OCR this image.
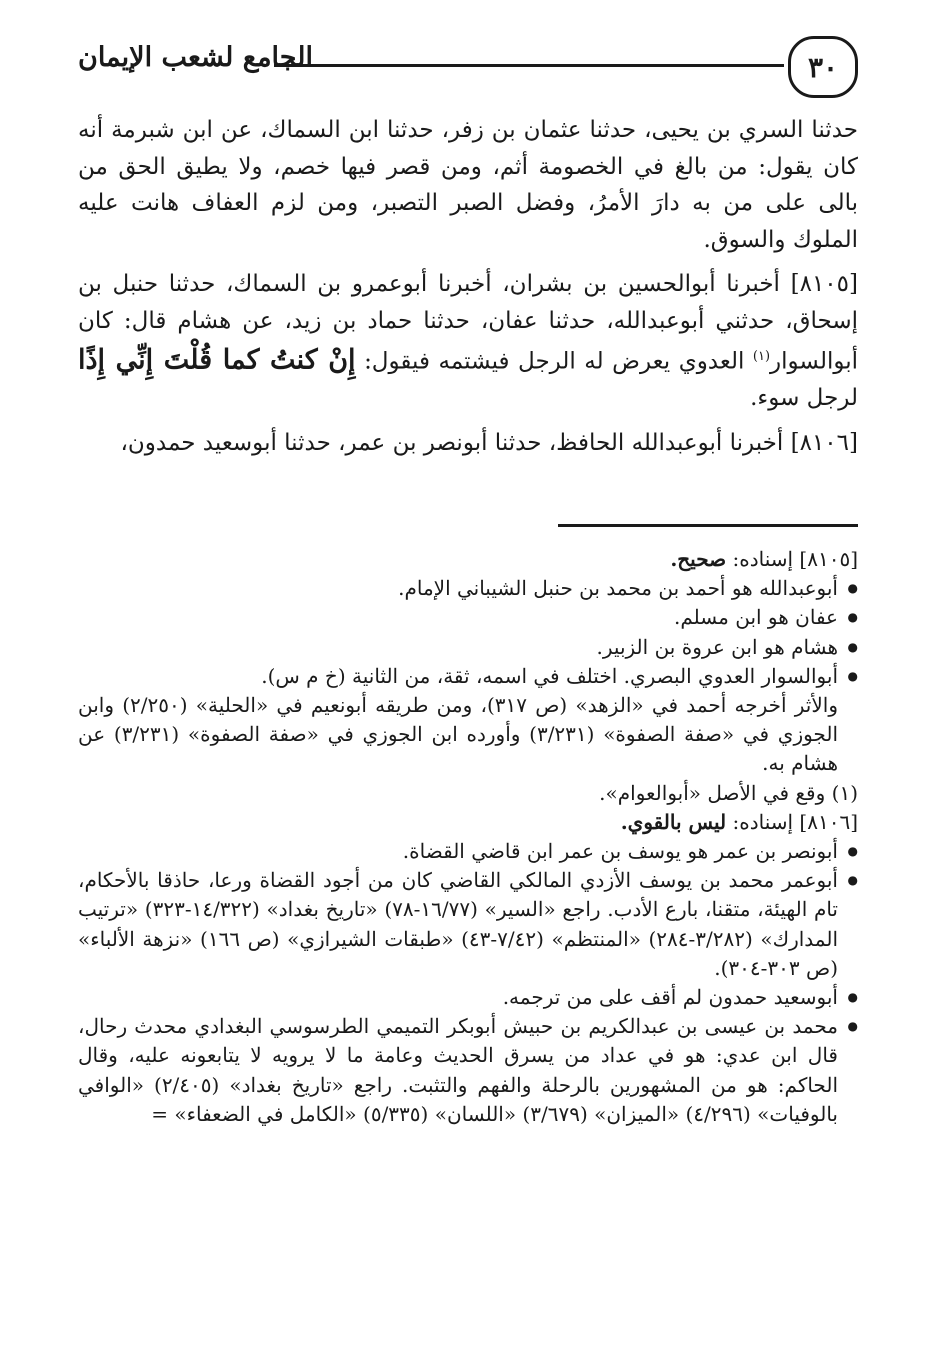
٣٠
الجامع لشعب الإيمان

حدثنا السري بن يحيى، حدثنا عثمان بن زفر، حدثنا ابن السماك، عن ابن شبرمة أنه كان يقول: من بالغ في الخصومة أثم، ومن قصر فيها خصم، ولا يطيق الحق من بالى على من به دارَ الأمرُ، وفضل الصبر التصبر، ومن لزم العفاف هانت عليه الملوك والسوق.

[٨١٠٥] أخبرنا أبوالحسين بن بشران، أخبرنا أبوعمرو بن السماك، حدثنا حنبل بن إسحاق، حدثني أبوعبدالله، حدثنا عفان، حدثنا حماد بن زيد، عن هشام قال: كان أبوالسوار$^{(١)}$ العدوي يعرض له الرجل فيشتمه فيقول: إِنْ كنتُ كما قُلْتَ إِنِّي إِذًا لرجل سوء.

[٨١٠٦] أخبرنا أبوعبدالله الحافظ، حدثنا أبونصر بن عمر، حدثنا أبوسعيد حمدون،

[٨١٠٥] إسناده: صحيح.

● أبوعبدالله هو أحمد بن محمد بن حنبل الشيباني الإمام.
● عفان هو ابن مسلم.
● هشام هو ابن عروة بن الزبير.
● أبوالسوار العدوي البصري. اختلف في اسمه، ثقة، من الثانية (خ م س).

والأثر أخرجه أحمد في «الزهد» (ص ٣١٧)، ومن طريقه أبونعيم في «الحلية» (٢/٢٥٠) وابن الجوزي في «صفة الصفوة» (٣/٢٣١) وأورده ابن الجوزي في «صفة الصفوة» (٣/٢٣١) عن هشام به.

(١) وقع في الأصل «أبوالعوام».

[٨١٠٦] إسناده: ليس بالقوي.

● أبونصر بن عمر هو يوسف بن عمر ابن قاضي القضاة.
● أبوعمر محمد بن يوسف الأزدي المالكي القاضي كان من أجود القضاة ورعا، حاذقا بالأحكام، تام الهيئة، متقنا، بارع الأدب. راجع «السير» (١٦/٧٧-٧٨) «تاريخ بغداد» (١٤/٣٢٢-٣٢٣) «ترتيب المدارك» (٣/٢٨٢-٢٨٤) «المنتظم» (٧/٤٢-٤٣) «طبقات الشيرازي» (ص ١٦٦) «نزهة الألباء» (ص ٣٠٣-٣٠٤).
● أبوسعيد حمدون لم أقف على من ترجمه.
● محمد بن عيسى بن عبدالكريم بن حبيش أبوبكر التميمي الطرسوسي البغدادي محدث رحال، قال ابن عدي: هو في عداد من يسرق الحديث وعامة ما لا يرويه لا يتابعونه عليه، وقال الحاكم: هو من المشهورين بالرحلة والفهم والتثبت. راجع «تاريخ بغداد» (٢/٤٠٥) «الوافي بالوفيات» (٤/٢٩٦) «الميزان» (٣/٦٧٩) «اللسان» (٥/٣٣٥) «الكامل في الضعفاء» =
